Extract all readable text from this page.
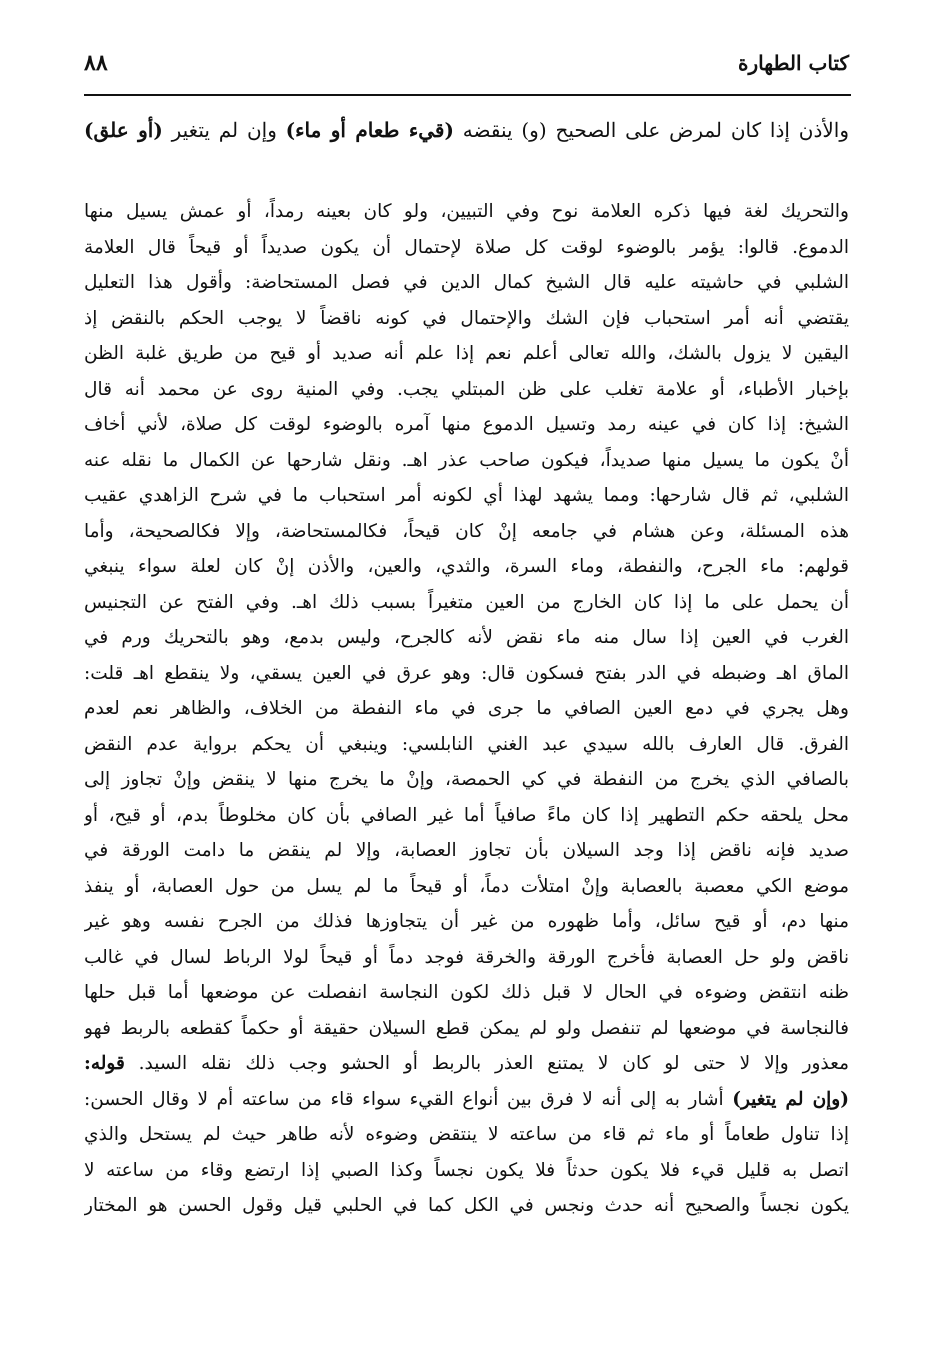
كتاب الطهارة
٨٨
والأذن إذا كان لمرض على الصحيح (و) ينقضه (قيء طعام أو ماء) وإن لم يتغير (أو علق)
والتحريك لغة فيها ذكره العلامة نوح وفي التبيين، ولو كان بعينه رمداً، أو عمش يسيل منها
الدموع. قالوا: يؤمر بالوضوء لوقت كل صلاة لإحتمال أن يكون صديداً أو قيحاً قال العلامة
الشلبي في حاشيته عليه قال الشيخ كمال الدين في فصل المستحاضة: وأقول هذا التعليل
يقتضي أنه أمر استحباب فإن الشك والإحتمال في كونه ناقضاً لا يوجب الحكم بالنقض إذ
اليقين لا يزول بالشك، والله تعالى أعلم نعم إذا علم أنه صديد أو قيح من طريق غلبة الظن
بإخبار الأطباء، أو علامة تغلب على ظن المبتلي يجب. وفي المنية روى عن محمد أنه قال
الشيخ: إذا كان في عينه رمد وتسيل الدموع منها آمره بالوضوء لوقت كل صلاة، لأني أخاف
أنْ يكون ما يسيل منها صديداً، فيكون صاحب عذر اهـ. ونقل شارحها عن الكمال ما نقله عنه
الشلبي، ثم قال شارحها: ومما يشهد لهذا أي لكونه أمر استحباب ما في شرح الزاهدي عقيب
هذه المسئلة، وعن هشام في جامعه إنْ كان قيحاً، فكالمستحاضة، وإلا فكالصحيحة، وأما
قولهم: ماء الجرح، والنفطة، وماء السرة، والثدي، والعين، والأذن إنْ كان لعلة سواء ينبغي
أن يحمل على ما إذا كان الخارج من العين متغيراً بسبب ذلك اهـ. وفي الفتح عن التجنيس
الغرب في العين إذا سال منه ماء نقض لأنه كالجرح، وليس بدمع، وهو بالتحريك ورم في
الماق اهـ وضبطه في الدر بفتح فسكون قال: وهو عرق في العين يسقي، ولا ينقطع اهـ قلت:
وهل يجري في دمع العين الصافي ما جرى في ماء النفطة من الخلاف، والظاهر نعم لعدم
الفرق. قال العارف بالله سيدي عبد الغني النابلسي: وينبغي أن يحكم برواية عدم النقض
بالصافي الذي يخرج من النفطة في كي الحمصة، وإنْ ما يخرج منها لا ينقض وإنْ تجاوز إلى
محل يلحقه حكم التطهير إذا كان ماءً صافياً أما غير الصافي بأن كان مخلوطاً بدم، أو قيح، أو
صديد فإنه ناقض إذا وجد السيلان بأن تجاوز العصابة، وإلا لم ينقض ما دامت الورقة في
موضع الكي معصبة بالعصابة وإنْ امتلأت دماً، أو قيحاً ما لم يسل من حول العصابة، أو ينفذ
منها دم، أو قيح سائل، وأما ظهوره من غير أن يتجاوزها فذلك من الجرح نفسه وهو غير
ناقض ولو حل العصابة فأخرج الورقة والخرقة فوجد دماً أو قيحاً لولا الرباط لسال في غالب
ظنه انتقض وضوءه في الحال لا قبل ذلك لكون النجاسة انفصلت عن موضعها أما قبل حلها
فالنجاسة في موضعها لم تنفصل ولو لم يمكن قطع السيلان حقيقة أو حكماً كقطعه بالربط فهو
معذور وإلا لا حتى لو كان لا يمتنع العذر بالربط أو الحشو وجب ذلك نقله السيد. قوله:
(وإن لم يتغير) أشار به إلى أنه لا فرق بين أنواع القيء سواء قاء من ساعته أم لا وقال الحسن:
إذا تناول طعاماً أو ماء ثم قاء من ساعته لا ينتقض وضوءه لأنه طاهر حيث لم يستحل والذي
اتصل به قليل قيء فلا يكون حدثاً فلا يكون نجساً وكذا الصبي إذا ارتضع وقاء من ساعته لا
يكون نجساً والصحيح أنه حدث ونجس في الكل كما في الحلبي قيل وقول الحسن هو المختار
